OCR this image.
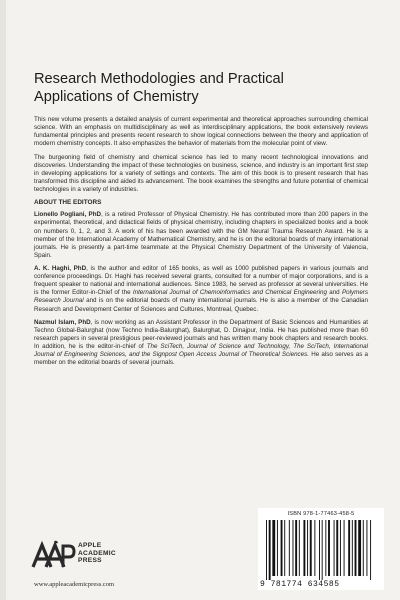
Research Methodologies and Practical Applications of Chemistry

This new volume presents a detailed analysis of current experimental and theoretical approaches surrounding chemical science. With an emphasis on multidisciplinary as well as interdisciplinary applications, the book extensively reviews fundamental principles and presents recent research to show logical connections between the theory and application of modern chemistry concepts. It also emphasizes the behavior of materials from the molecular point of view.

The burgeoning field of chemistry and chemical science has led to many recent technological innovations and discoveries. Understanding the impact of these technologies on business, science, and industry is an important first step in developing applications for a variety of settings and contexts. The aim of this book is to present research that has transformed this discipline and aided its advancement. The book examines the strengths and future potential of chemical technologies in a variety of industries.

ABOUT THE EDITORS

Lionello Pogliani, PhD, is a retired Professor of Physical Chemistry. He has contributed more than 200 papers in the experimental, theoretical, and didactical fields of physical chemistry, including chapters in specialized books and a book on numbers 0, 1, 2, and 3. A work of his has been awarded with the GM Neural Trauma Research Award. He is a member of the International Academy of Mathematical Chemistry, and he is on the editorial boards of many international journals. He is presently a part-time teammate at the Physical Chemistry Department of the University of Valencia, Spain.

A. K. Haghi, PhD, is the author and editor of 165 books, as well as 1000 published papers in various journals and conference proceedings. Dr. Haghi has received several grants, consulted for a number of major corporations, and is a frequent speaker to national and international audiences. Since 1983, he served as professor at several universities. He is the former Editor-in-Chief of the International Journal of Chemoinformatics and Chemical Engineering and Polymers Research Journal and is on the editorial boards of many international journals. He is also a member of the Canadian Research and Development Center of Sciences and Cultures, Montreal, Quebec.

Nazmul Islam, PhD, is now working as an Assistant Professor in the Department of Basic Sciences and Humanities at Techno Global-Balurghat (now Techno India-Balurghat), Balurghat, D. Dinajpur, India. He has published more than 60 research papers in several prestigious peer-reviewed journals and has written many book chapters and research books. In addition, he is the editor-in-chief of The SciTech, Journal of Science and Technology, The SciTech, International Journal of Engineering Sciences, and the Signpost Open Access Journal of Theoretical Sciences. He also serves as a member on the editorial boards of several journals.

APPLE ACADEMIC PRESS
www.appleacademicpress.com
ISBN 978-1-77463-458-5
9 781774 634585
